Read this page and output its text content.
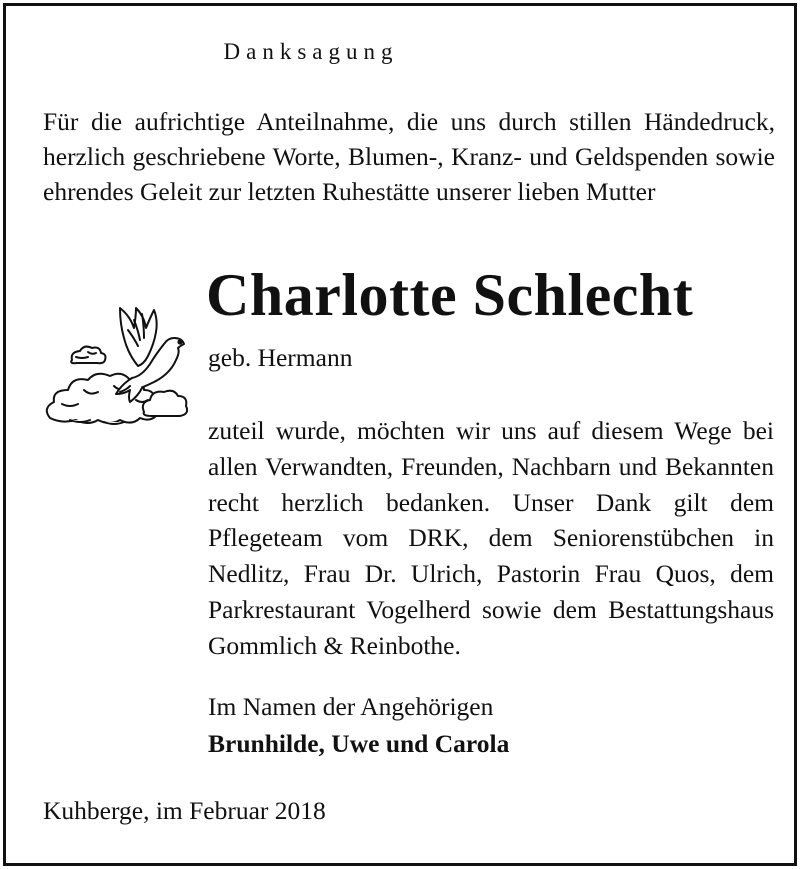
Danksagung

Für die aufrichtige Anteilnahme, die uns durch stillen Händedruck, herzlich geschriebene Worte, Blumen-, Kranz- und Geldspenden sowie ehrendes Geleit zur letzten Ruhestätte unserer lieben Mutter

Charlotte Schlecht
geb. Hermann

zuteil wurde, möchten wir uns auf diesem Wege bei allen Verwandten, Freunden, Nachbarn und Bekannten recht herzlich bedanken. Unser Dank gilt dem Pflegeteam vom DRK, dem Seniorenstübchen in Nedlitz, Frau Dr. Ulrich, Pastorin Frau Quos, dem Parkrestaurant Vogelherd sowie dem Bestattungshaus Gommlich & Reinbothe.

Im Namen der Angehörigen
Brunhilde, Uwe und Carola
Kuhberge, im Februar 2018
